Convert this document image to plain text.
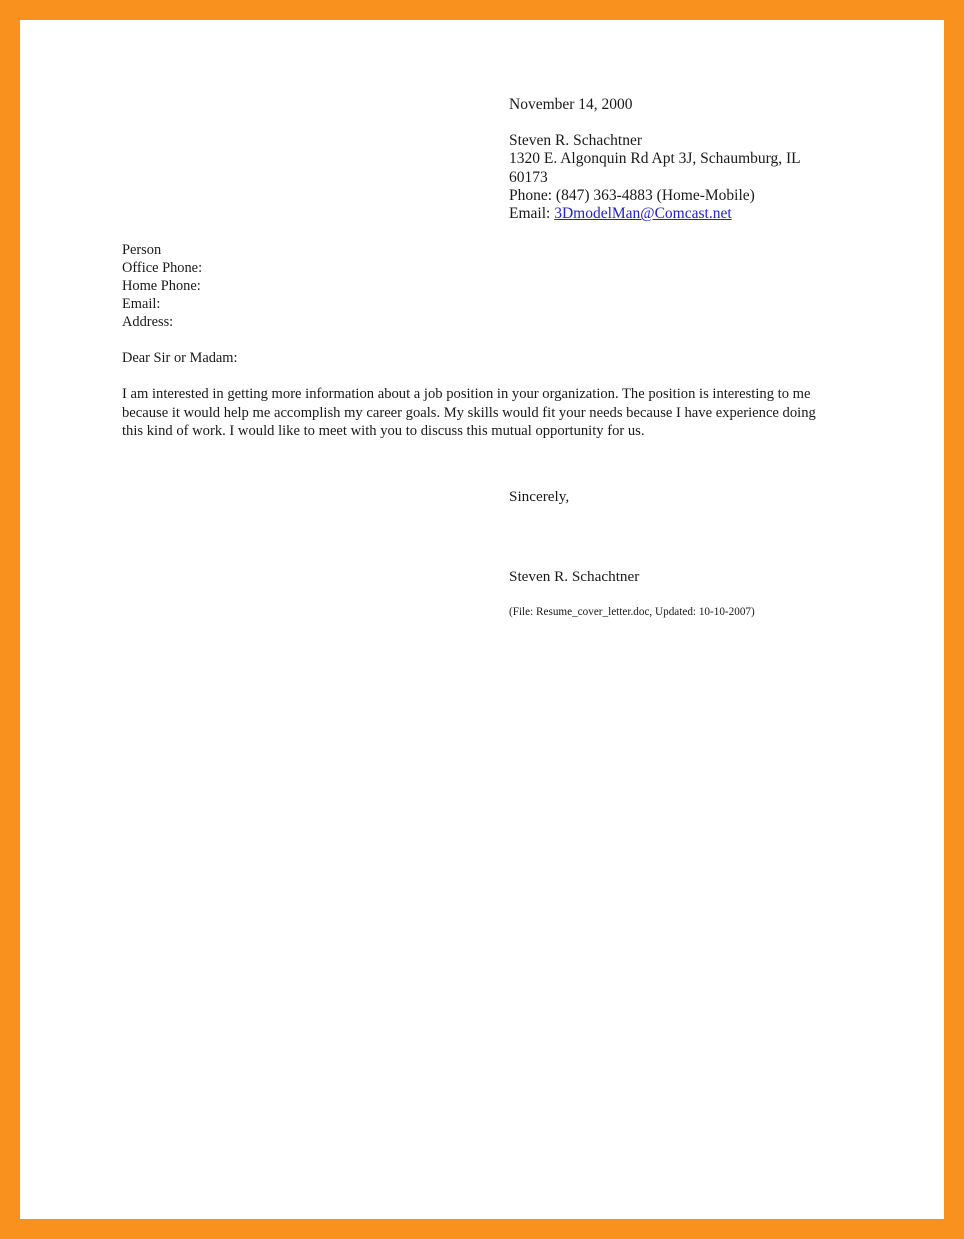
November 14, 2000

Steven R. Schachtner

1320 E. Algonquin Rd Apt 3J, Schaumburg, IL 60173

Phone: (847) 363-4883 (Home-Mobile)

Email: 3DmodelMan@Comcast.net

Person

Office Phone:

Home Phone:

Email:

Address:

Dear Sir or Madam:

I am interested in getting more information about a job position in your organization. The position is interesting to me because it would help me accomplish my career goals. My skills would fit your needs because I have experience doing this kind of work. I would like to meet with you to discuss this mutual opportunity for us.

Sincerely,

Steven R. Schachtner

(File: Resume_cover_letter.doc, Updated: 10-10-2007)
